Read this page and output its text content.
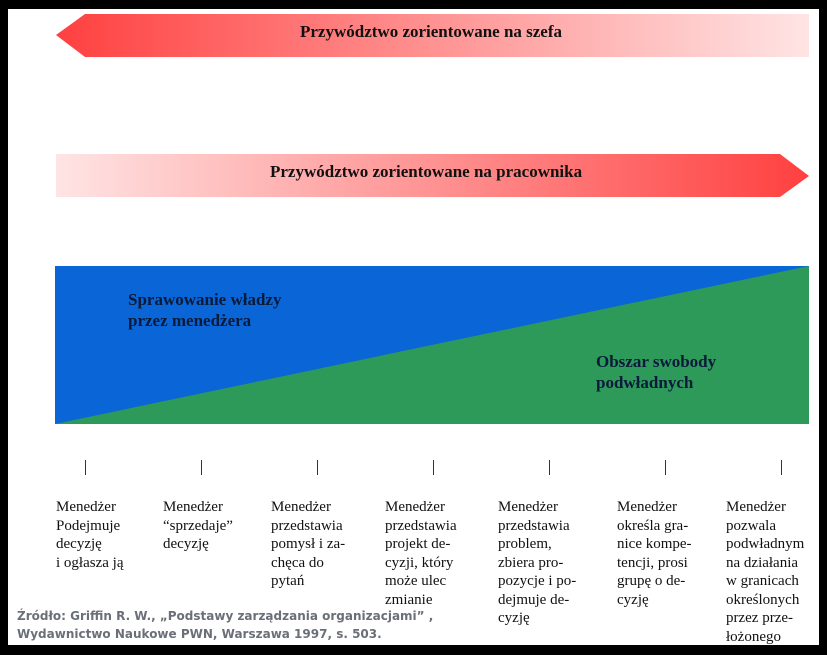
Przywództwo zorientowane na szefa
Przywództwo zorientowane na pracownika
Sprawowanie władzy
przez menedżera
Obszar swobody
podwładnych
Menedżer
Podejmuje
decyzję
i ogłasza ją
Menedżer
“sprzedaje”
decyzję
Menedżer
przedstawia
pomysł i za-
chęca do
pytań
Menedżer
przedstawia
projekt de-
cyzji, który
może ulec
zmianie
Menedżer
przedstawia
problem,
zbiera pro-
pozycje i po-
dejmuje de-
cyzję
Menedżer
określa gra-
nice kompe-
tencji, prosi
grupę o de-
cyzję
Menedżer
pozwala
podwładnym
na działania
w granicach
określonych
przez prze-
łożonego
Źródło: Griffin R. W., „Podstawy zarządzania organizacjami” ,
Wydawnictwo Naukowe PWN, Warszawa 1997, s. 503.
